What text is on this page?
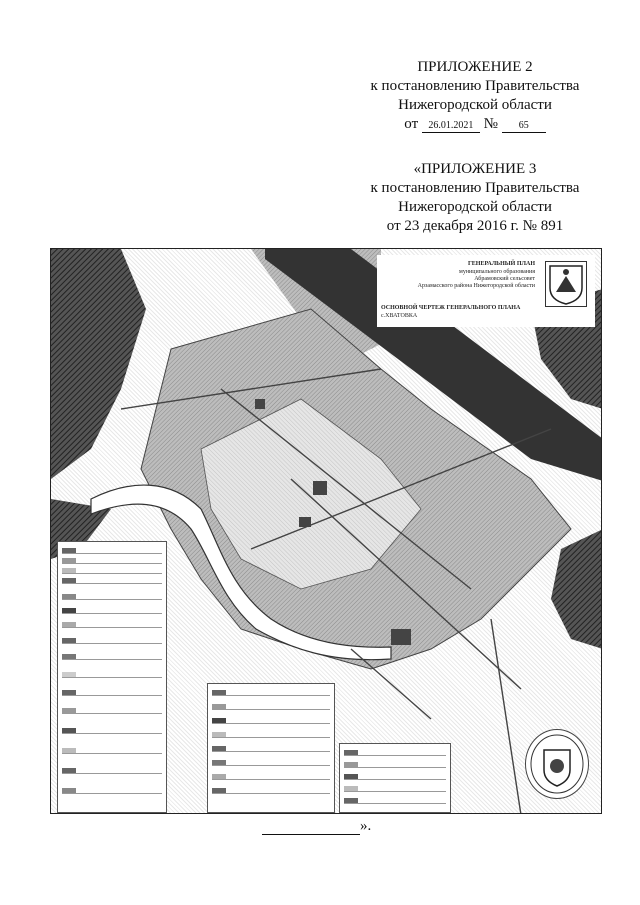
ПРИЛОЖЕНИЕ 2
к постановлению Правительства
Нижегородской области
от 26.01.2021 № 65
«ПРИЛОЖЕНИЕ 3
к постановлению Правительства
Нижегородской области
от 23 декабря 2016 г. № 891
ГЕНЕРАЛЬНЫЙ ПЛАН
муниципального образования
Абрамовский сельсовет
Арзамасского района Нижегородской области
ОСНОВНОЙ ЧЕРТЕЖ ГЕНЕРАЛЬНОГО ПЛАНА
с.ХВАТОВКА
».
